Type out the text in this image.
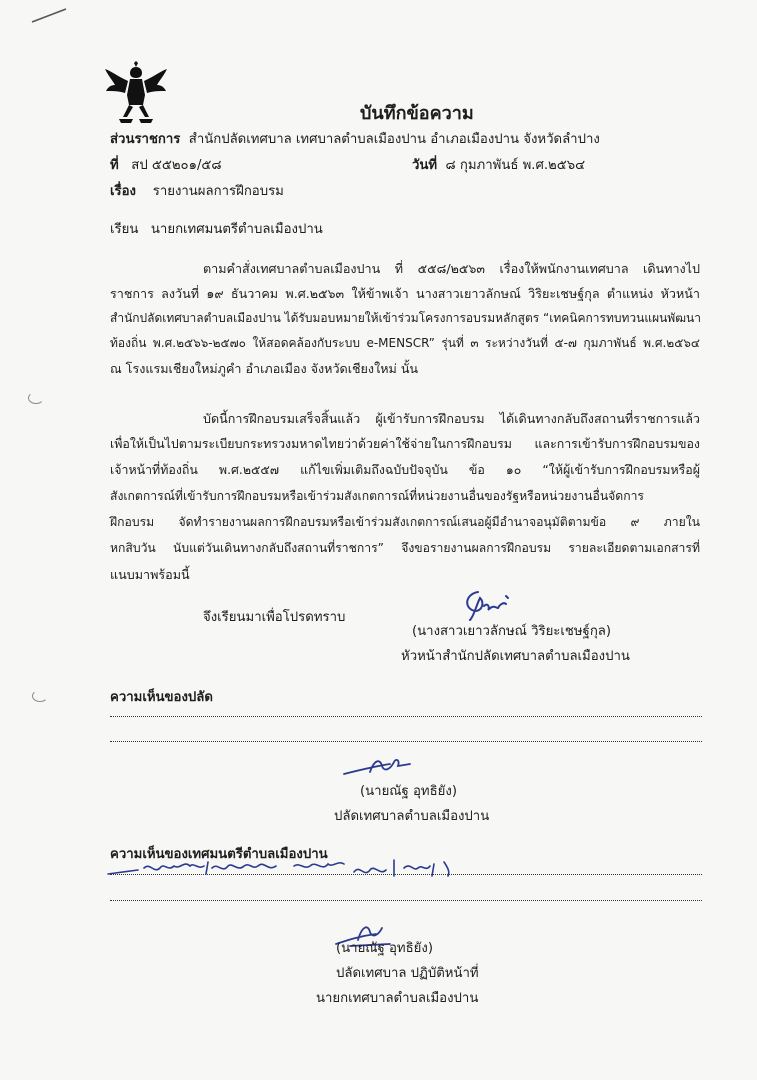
บันทึกข้อความ
ส่วนราชการ สำนักปลัดเทศบาล เทศบาลตำบลเมืองปาน อำเภอเมืองปาน จังหวัดลำปาง
ที่ สป ๕๕๒๐๑/๕๘	วันที่ ๘ กุมภาพันธ์ พ.ศ.๒๕๖๔
เรื่อง รายงานผลการฝึกอบรม
เรียน นายกเทศมนตรีตำบลเมืองปาน
ตามคำสั่งเทศบาลตำบลเมืองปาน ที่ ๕๕๘/๒๕๖๓ เรื่องให้พนักงานเทศบาล เดินทางไป
ราชการ ลงวันที่ ๑๙ ธันวาคม พ.ศ.๒๕๖๓ ให้ข้าพเจ้า นางสาวเยาวลักษณ์ วิริยะเชษฐ์กุล ตำแหน่ง หัวหน้า
สำนักปลัดเทศบาลตำบลเมืองปาน ได้รับมอบหมายให้เข้าร่วมโครงการอบรมหลักสูตร “เทคนิคการทบทวนแผนพัฒนา
ท้องถิ่น พ.ศ.๒๕๖๖-๒๕๗๐ ให้สอดคล้องกับระบบ e-MENSCR” รุ่นที่ ๓ ระหว่างวันที่ ๕-๗ กุมภาพันธ์ พ.ศ.๒๕๖๔
ณ โรงแรมเชียงใหม่ภูคำ อำเภอเมือง จังหวัดเชียงใหม่ นั้น
บัดนี้การฝึกอบรมเสร็จสิ้นแล้ว ผู้เข้ารับการฝึกอบรม ได้เดินทางกลับถึงสถานที่ราชการแล้ว
เพื่อให้เป็นไปตามระเบียบกระทรวงมหาดไทยว่าด้วยค่าใช้จ่ายในการฝึกอบรม และการเข้ารับการฝึกอบรมของ
เจ้าหน้าที่ท้องถิ่น พ.ศ.๒๕๕๗ แก้ไขเพิ่มเติมถึงฉบับปัจจุบัน ข้อ ๑๐ “ให้ผู้เข้ารับการฝึกอบรมหรือผู้
สังเกตการณ์ที่เข้ารับการฝึกอบรมหรือเข้าร่วมสังเกตการณ์ที่หน่วยงานอื่นของรัฐหรือหน่วยงานอื่นจัดการ
ฝึกอบรม จัดทำรายงานผลการฝึกอบรมหรือเข้าร่วมสังเกตการณ์เสนอผู้มีอำนาจอนุมัติตามข้อ ๙ ภายใน
หกสิบวัน นับแต่วันเดินทางกลับถึงสถานที่ราชการ” จึงขอรายงานผลการฝึกอบรม รายละเอียดตามเอกสารที่
แนบมาพร้อมนี้
จึงเรียนมาเพื่อโปรดทราบ
(นางสาวเยาวลักษณ์ วิริยะเชษฐ์กุล)
หัวหน้าสำนักปลัดเทศบาลตำบลเมืองปาน
ความเห็นของปลัด
(นายณัฐ อุทธิยัง)
ปลัดเทศบาลตำบลเมืองปาน
ความเห็นของเทศมนตรีตำบลเมืองปาน
(นายณัฐ อุทธิยัง)
ปลัดเทศบาล ปฏิบัติหน้าที่
นายกเทศบาลตำบลเมืองปาน
